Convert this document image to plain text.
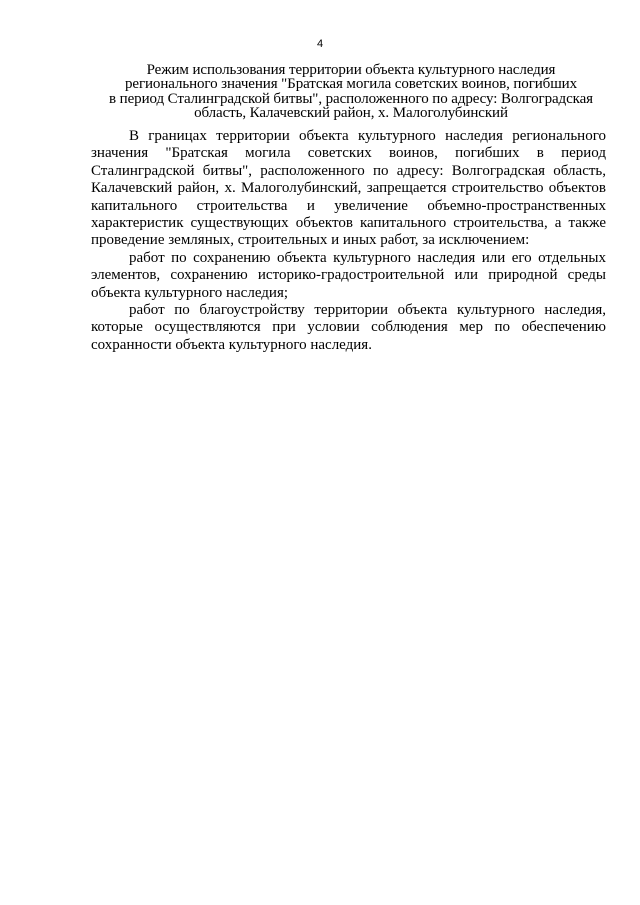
4
Режим использования территории объекта культурного наследия
регионального значения "Братская могила советских воинов, погибших
в период Сталинградской битвы", расположенного по адресу: Волгоградская
область, Калачевский район, х. Малоголубинский

В границах территории объекта культурного наследия регионального значения "Братская могила советских воинов, погибших в период Сталинградской битвы", расположенного по адресу: Волгоградская область, Калачевский район, х. Малоголубинский, запрещается строительство объектов капитального строительства и увеличение объемно-пространственных характеристик существующих объектов капитального строительства, а также проведение земляных, строительных и иных работ, за исключением:

работ по сохранению объекта культурного наследия или его отдельных элементов, сохранению историко-градостроительной или природной среды объекта культурного наследия;

работ по благоустройству территории объекта культурного наследия, которые осуществляются при условии соблюдения мер по обеспечению сохранности объекта культурного наследия.
